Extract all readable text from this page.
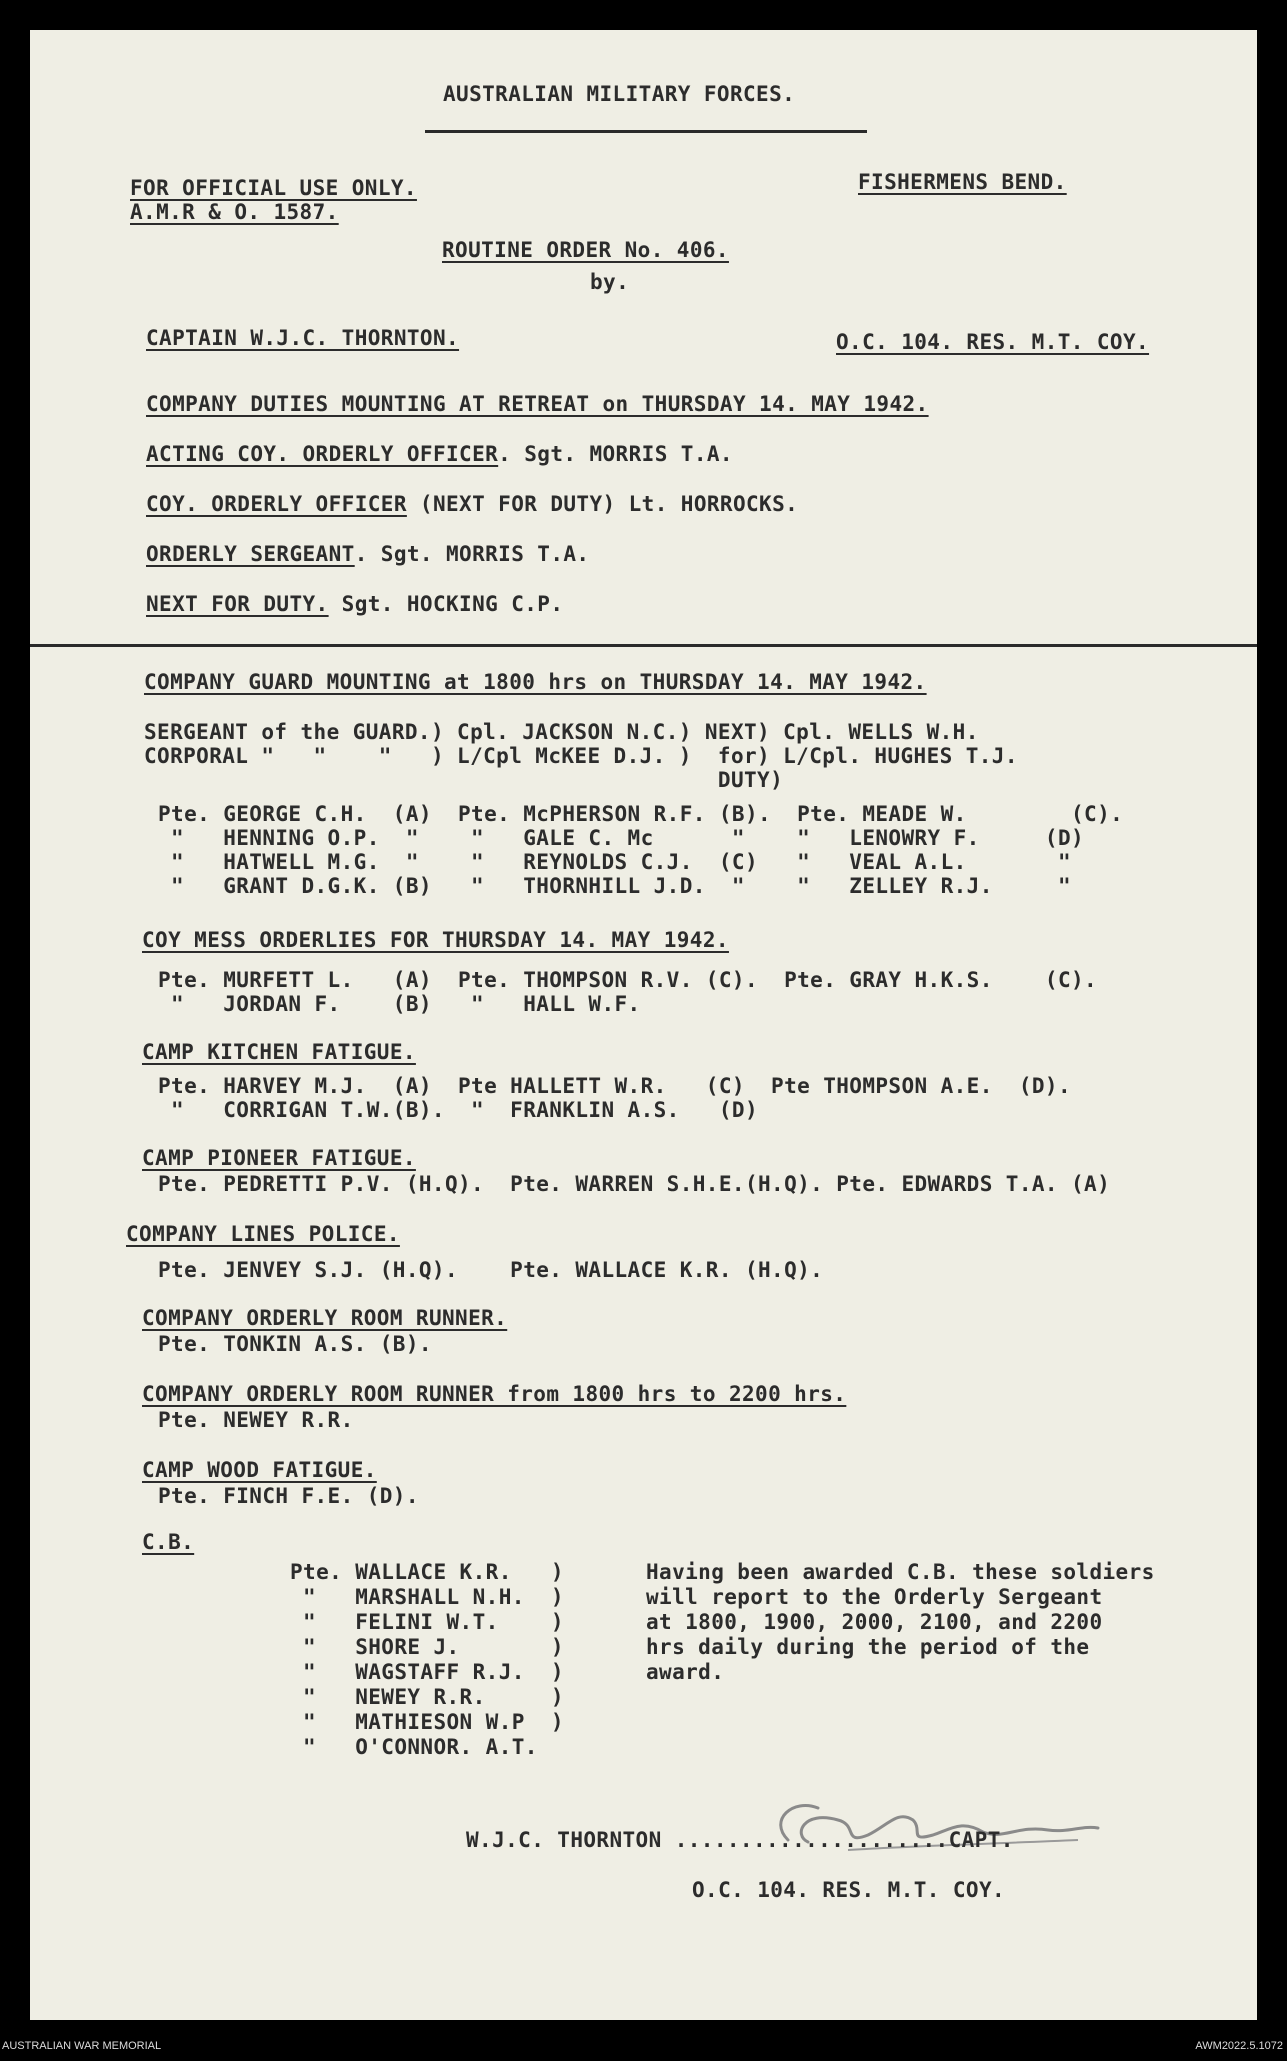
AUSTRALIAN MILITARY FORCES.
FOR OFFICIAL USE ONLY.
A.M.R & O. 1587.
FISHERMENS BEND.
ROUTINE ORDER No. 406.
by.
CAPTAIN W.J.C. THORNTON.	O.C. 104. RES. M.T. COY.
COMPANY DUTIES MOUNTING AT RETREAT on THURSDAY 14. MAY 1942.
ACTING COY. ORDERLY OFFICER. Sgt. MORRIS T.A.
COY. ORDERLY OFFICER (NEXT FOR DUTY) Lt. HORROCKS.
ORDERLY SERGEANT. Sgt. MORRIS T.A.
NEXT FOR DUTY. Sgt. HOCKING C.P.
COMPANY GUARD MOUNTING at 1800 hrs on THURSDAY 14. MAY 1942.
SERGEANT of the GUARD.) Cpl. JACKSON N.C.) NEXT) Cpl. WELLS W.H.
CORPORAL "   "    "   ) L/Cpl McKEE D.J. )  for) L/Cpl. HUGHES T.J.
DUTY)
Pte. GEORGE C.H.  (A)  Pte. McPHERSON R.F. (B).  Pte. MEADE W.        (C).
"   HENNING O.P.  "    "   GALE C. Mc      "    "   LENOWRY F.     (D)
"   HATWELL M.G.  "    "   REYNOLDS C.J.  (C)   "   VEAL A.L.       "
"   GRANT D.G.K. (B)   "   THORNHILL J.D.  "    "   ZELLEY R.J.     "
COY MESS ORDERLIES FOR THURSDAY 14. MAY 1942.
Pte. MURFETT L.   (A)  Pte. THOMPSON R.V. (C).  Pte. GRAY H.K.S.    (C).
"   JORDAN F.    (B)   "   HALL W.F.
CAMP KITCHEN FATIGUE.
Pte. HARVEY M.J.  (A)  Pte HALLETT W.R.   (C)  Pte THOMPSON A.E.  (D).
"   CORRIGAN T.W.(B).  "  FRANKLIN A.S.   (D)
CAMP PIONEER FATIGUE.
Pte. PEDRETTI P.V. (H.Q).  Pte. WARREN S.H.E.(H.Q). Pte. EDWARDS T.A. (A)
COMPANY LINES POLICE.
Pte. JENVEY S.J. (H.Q).    Pte. WALLACE K.R. (H.Q).
COMPANY ORDERLY ROOM RUNNER.
Pte. TONKIN A.S. (B).
COMPANY ORDERLY ROOM RUNNER from 1800 hrs to 2200 hrs.
Pte. NEWEY R.R.
CAMP WOOD FATIGUE.
Pte. FINCH F.E. (D).
C.B.
Pte. WALLACE K.R.   )
"   MARSHALL N.H.  )
"   FELINI W.T.    )
"   SHORE J.       )
"   WAGSTAFF R.J.  )
"   NEWEY R.R.     )
"   MATHIESON W.P  )
"   O'CONNOR. A.T.
Having been awarded C.B. these soldiers
will report to the Orderly Sergeant
at 1800, 1900, 2000, 2100, and 2200
hrs daily during the period of the
award.
W.J.C. THORNTON .....................CAPT.
O.C. 104. RES. M.T. COY.
AUSTRALIAN WAR MEMORIAL	AWM2022.5.1072
